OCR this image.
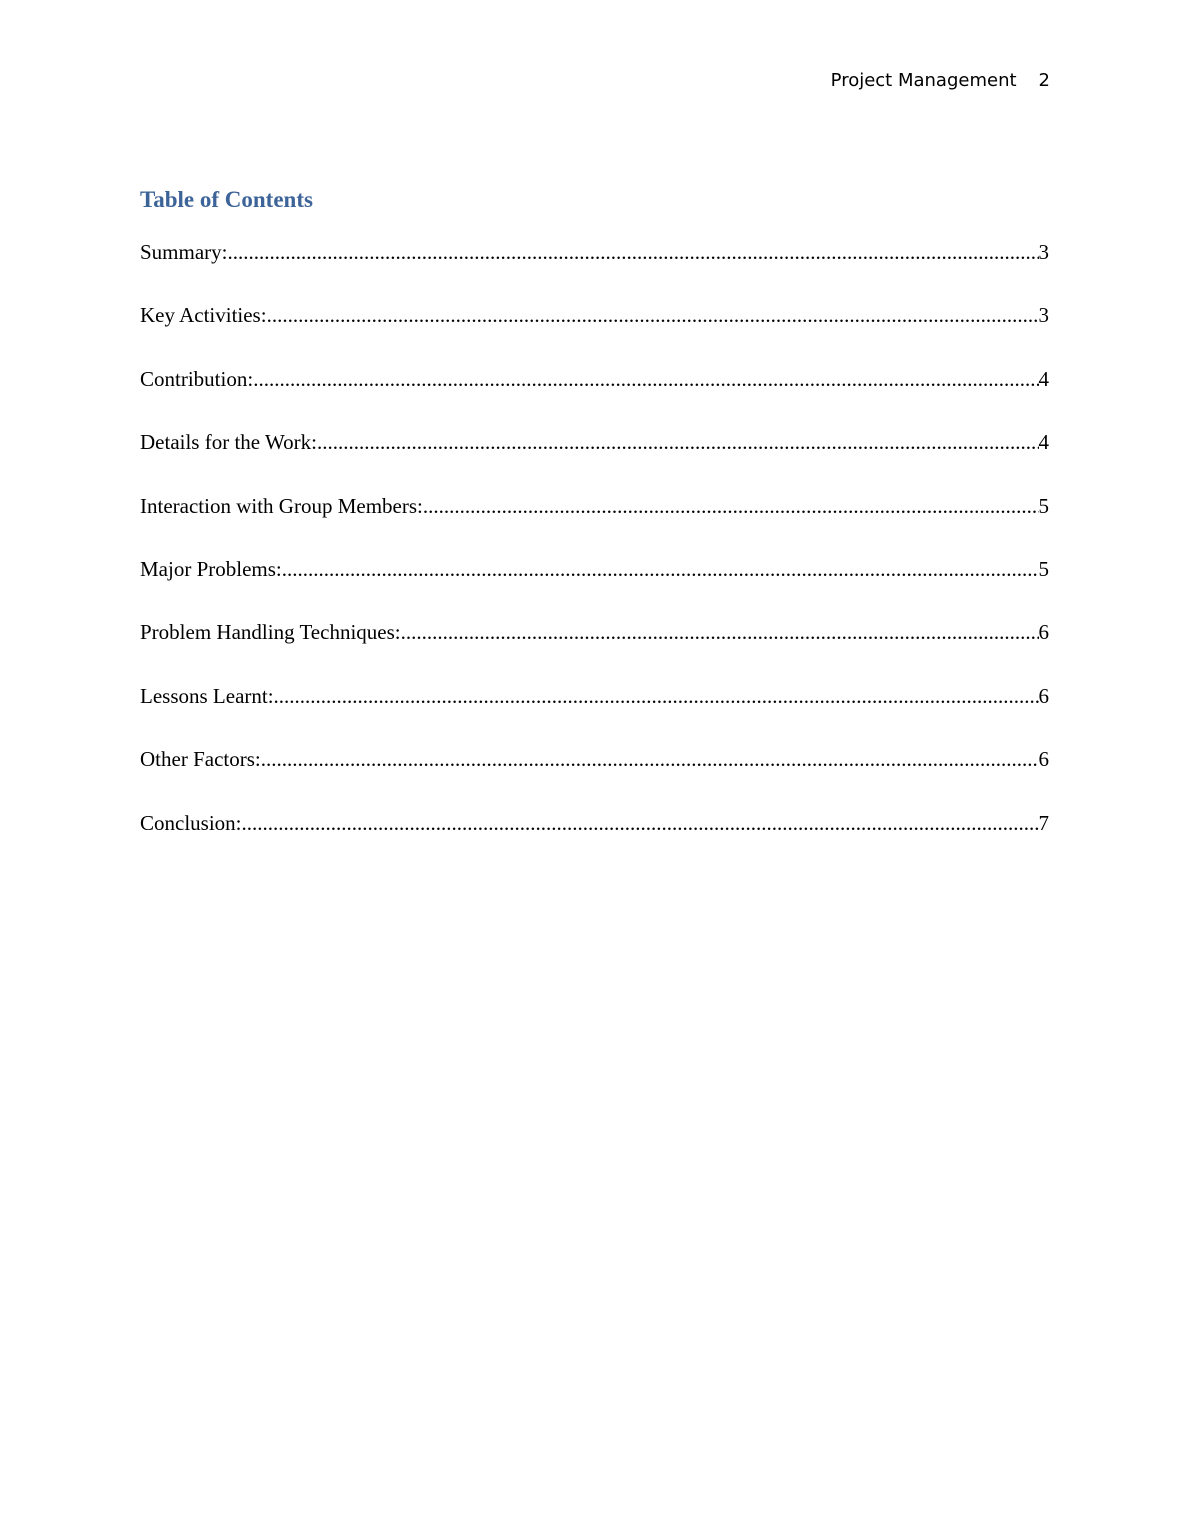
Project Management 2
Table of Contents
Summary: .....	3
Key Activities: .....	3
Contribution: .....	4
Details for the Work: .....	4
Interaction with Group Members: .....	5
Major Problems: .....	5
Problem Handling Techniques: .....	6
Lessons Learnt: .....	6
Other Factors: .....	6
Conclusion: .....	7
